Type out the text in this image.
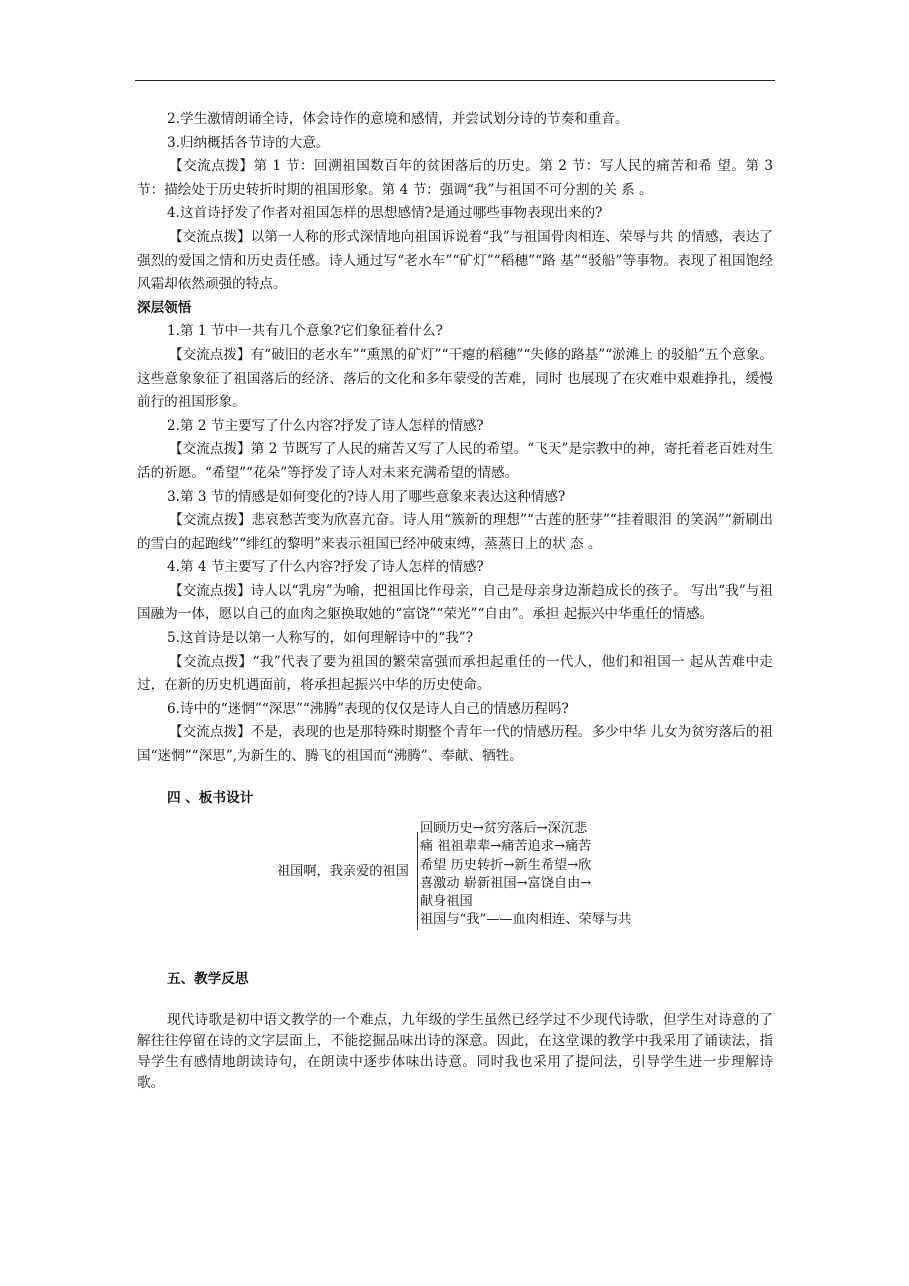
2.学生激情朗诵全诗，体会诗作的意境和感情，并尝试划分诗的节奏和重音。

3.归纳概括各节诗的大意。

【交流点拨】第 1 节：回溯祖国数百年的贫困落后的历史。第 2 节：写人民的痛苦和希 望。第 3 节：描绘处于历史转折时期的祖国形象。第 4 节：强调“我”与祖国不可分割的关 系 。

4.这首诗抒发了作者对祖国怎样的思想感情?是通过哪些事物表现出来的?

【交流点拨】以第一人称的形式深情地向祖国诉说着“我”与祖国骨肉相连、荣辱与共 的情感，表达了强烈的爱国之情和历史责任感。诗人通过写“老水车”“矿灯”“稻穗”“路 基”“驳船”等事物。表现了祖国饱经风霜却依然顽强的特点。

深层领悟

1.第 1 节中一共有几个意象?它们象征着什么?

【交流点拨】有“破旧的老水车”“熏黑的矿灯”“干瘪的稻穗”“失修的路基”“淤滩上 的驳船”五个意象。这些意象象征了祖国落后的经济、落后的文化和多年蒙受的苦难，同时 也展现了在灾难中艰难挣扎，缓慢前行的祖国形象。

2.第 2 节主要写了什么内容?抒发了诗人怎样的情感?

【交流点拨】第 2 节既写了人民的痛苦又写了人民的希望。“飞天”是宗教中的神，寄托着老百姓对生活的祈愿。“希望”“花朵”等抒发了诗人对未来充满希望的情感。

3.第 3 节的情感是如何变化的?诗人用了哪些意象来表达这种情感?

【交流点拨】悲哀愁苦变为欣喜亢奋。诗人用“簇新的理想”“古莲的胚芽”“挂着眼泪 的笑涡”“新刷出的雪白的起跑线”“绯红的黎明”来表示祖国已经冲破束缚，蒸蒸日上的状 态 。

4.第 4 节主要写了什么内容?抒发了诗人怎样的情感?

【交流点拨】诗人以“乳房”为喻，把祖国比作母亲，自己是母亲身边渐趋成长的孩子。 写出“我”与祖国融为一体，愿以自己的血肉之躯换取她的“富饶”“荣光”“自由”。承担 起振兴中华重任的情感。

5.这首诗是以第一人称写的，如何理解诗中的“我”?

【交流点拨】“我”代表了要为祖国的繁荣富强而承担起重任的一代人，他们和祖国一 起从苦难中走过，在新的历史机遇面前，将承担起振兴中华的历史使命。

6.诗中的“迷惘”“深思”“沸腾”表现的仅仅是诗人自己的情感历程吗?

【交流点拨】不是，表现的也是那特殊时期整个青年一代的情感历程。多少中华 儿女为贫穷落后的祖国“迷惘”“深思”,为新生的、腾飞的祖国而“沸腾”、奉献、牺牲。

四 、板书设计

祖国啊，我亲爱的祖国
回顾历史→贫穷落后→深沉悲
痛 祖祖辈辈→痛苦追求→痛苦
希望 历史转折→新生希望→欣
喜激动 崭新祖国→富饶自由→
献身祖国
祖国与“我”——血肉相连、荣辱与共

五、教学反思

现代诗歌是初中语文教学的一个难点，九年级的学生虽然已经学过不少现代诗歌，但学生对诗意的了解往往停留在诗的文字层面上，不能挖掘品味出诗的深意。因此，在这堂课的教学中我采用了诵读法，指导学生有感情地朗读诗句，在朗读中逐步体味出诗意。同时我也采用了提问法，引导学生进一步理解诗歌。
